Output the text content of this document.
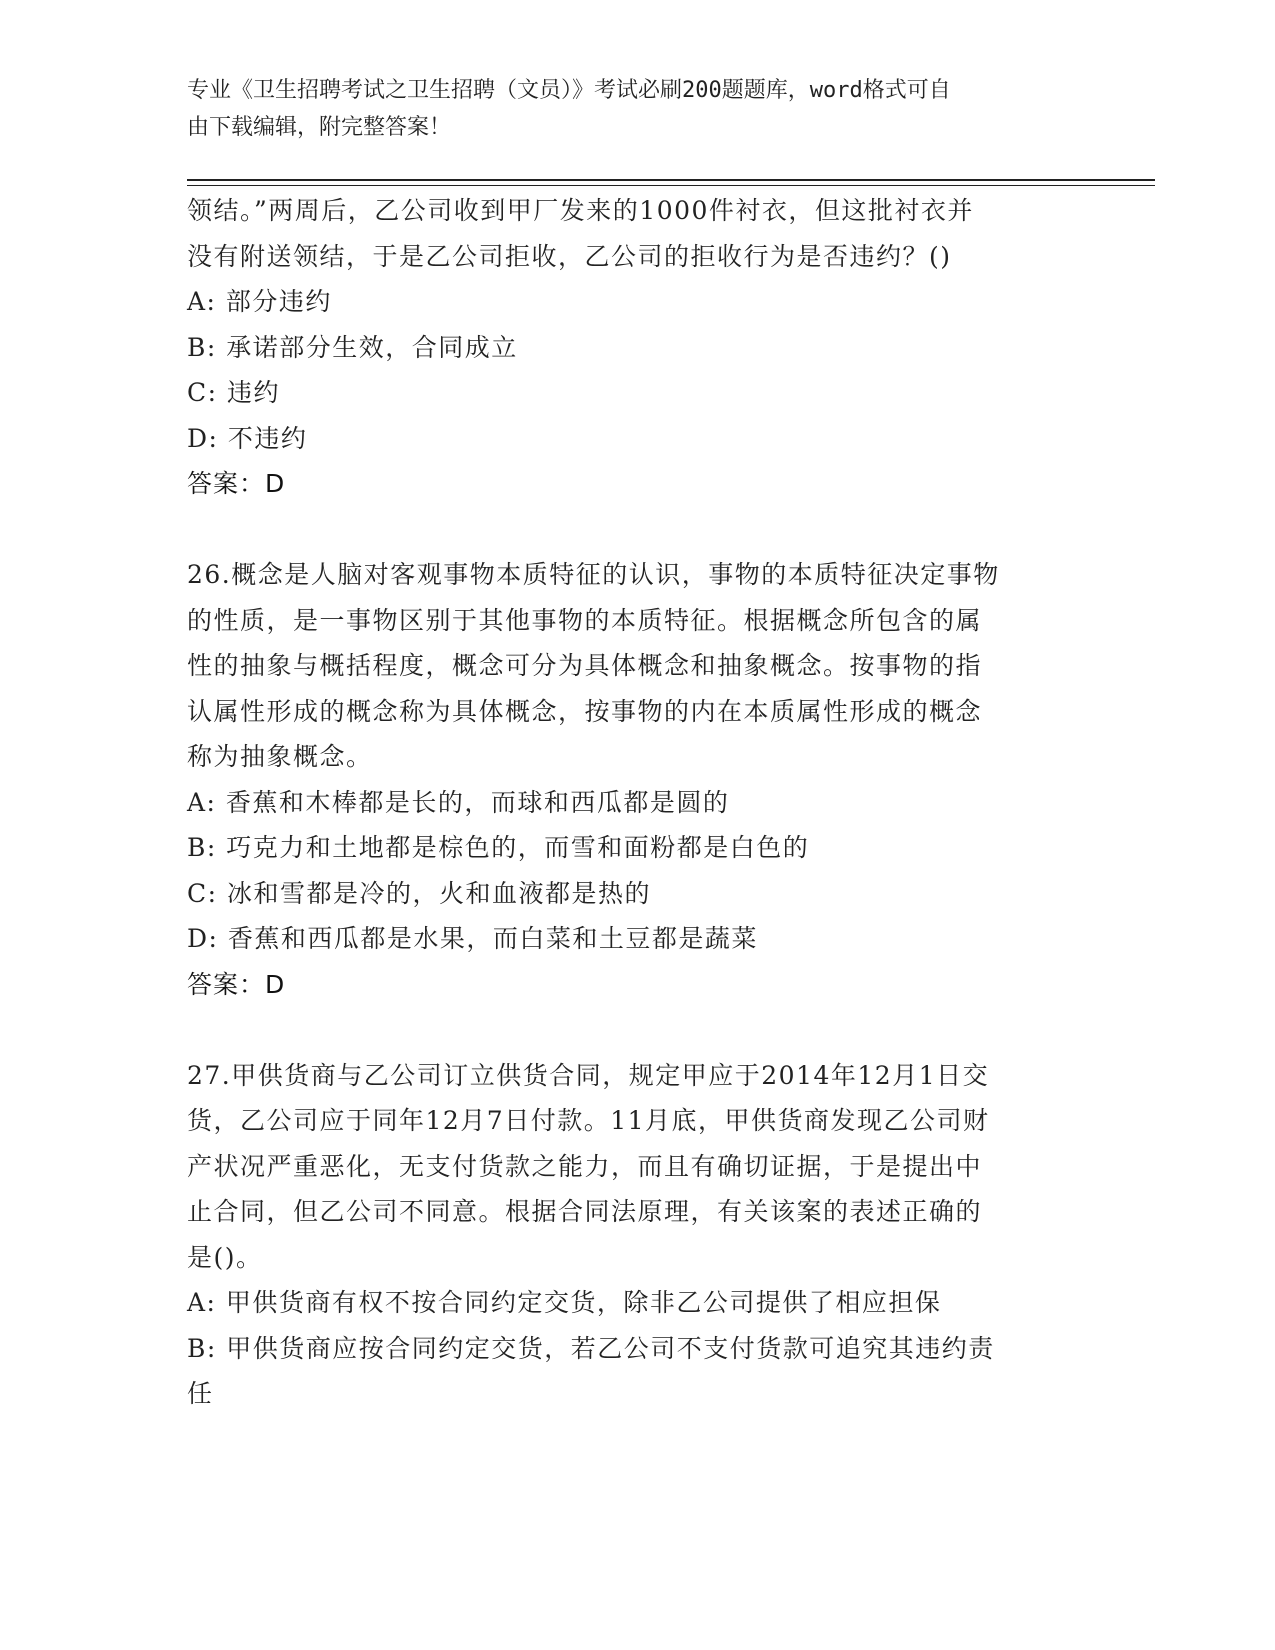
专业《卫生招聘考试之卫生招聘（文员）》考试必刷200题题库，word格式可自
由下载编辑，附完整答案！
领结。”两周后，乙公司收到甲厂发来的1000件衬衣，但这批衬衣并
没有附送领结，于是乙公司拒收，乙公司的拒收行为是否违约？()
A: 部分违约
B: 承诺部分生效，合同成立
C: 违约
D: 不违约
答案：D
26.概念是人脑对客观事物本质特征的认识，事物的本质特征决定事物
的性质，是一事物区别于其他事物的本质特征。根据概念所包含的属
性的抽象与概括程度，概念可分为具体概念和抽象概念。按事物的指
认属性形成的概念称为具体概念，按事物的内在本质属性形成的概念
称为抽象概念。
A: 香蕉和木棒都是长的，而球和西瓜都是圆的
B: 巧克力和土地都是棕色的，而雪和面粉都是白色的
C: 冰和雪都是冷的，火和血液都是热的
D: 香蕉和西瓜都是水果，而白菜和土豆都是蔬菜
答案：D
27.甲供货商与乙公司订立供货合同，规定甲应于2014年12月1日交
货，乙公司应于同年12月7日付款。11月底，甲供货商发现乙公司财
产状况严重恶化，无支付货款之能力，而且有确切证据，于是提出中
止合同，但乙公司不同意。根据合同法原理，有关该案的表述正确的
是()。
A: 甲供货商有权不按合同约定交货，除非乙公司提供了相应担保
B: 甲供货商应按合同约定交货，若乙公司不支付货款可追究其违约责
任
